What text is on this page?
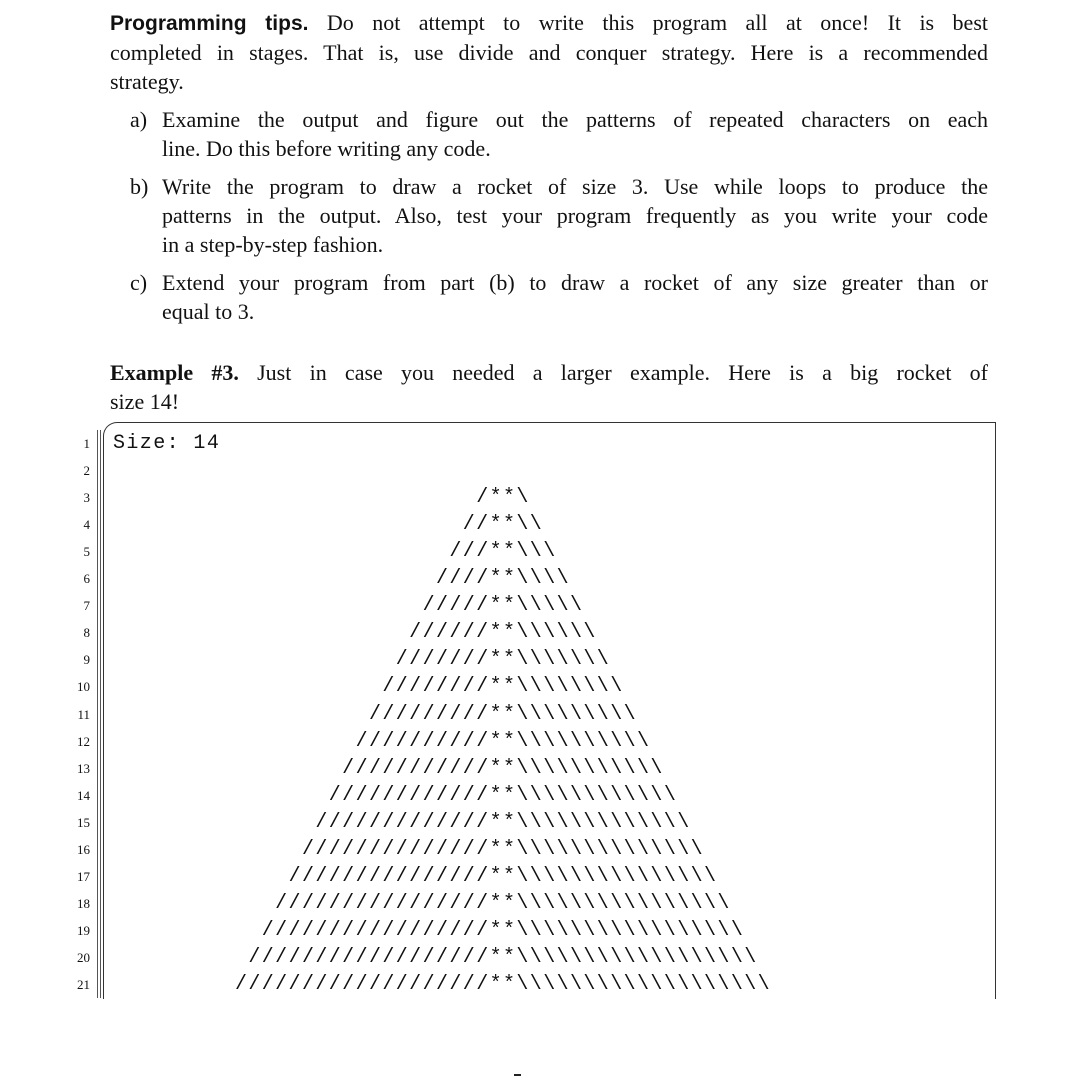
Programming tips. Do not attempt to write this program all at once! It is best
completed in stages. That is, use divide and conquer strategy. Here is a recommended
strategy.
a) Examine the output and figure out the patterns of repeated characters on each
line. Do this before writing any code.
b) Write the program to draw a rocket of size 3. Use while loops to produce the
patterns in the output. Also, test your program frequently as you write your code
in a step-by-step fashion.
c) Extend your program from part (b) to draw a rocket of any size greater than or
equal to 3.
Example #3. Just in case you needed a larger example. Here is a big rocket of
size 14!
1 Size: 14
2
3	/**\
4	//**\\
5	///**\\\
6	////**\\\\
7	/////**\\\\\
8	//////**\\\\\\
9	///////**\\\\\\\
10	////////**\\\\\\\\
11	/////////**\\\\\\\\\
12	//////////**\\\\\\\\\\
13	///////////**\\\\\\\\\\\
14	////////////**\\\\\\\\\\\\
15	/////////////**\\\\\\\\\\\\\
16	//////////////**\\\\\\\\\\\\\\
17	///////////////**\\\\\\\\\\\\\\\
18	////////////////**\\\\\\\\\\\\\\\\
19	/////////////////**\\\\\\\\\\\\\\\\\
20	//////////////////**\\\\\\\\\\\\\\\\\\
21	///////////////////**\\\\\\\\\\\\\\\\\\\
